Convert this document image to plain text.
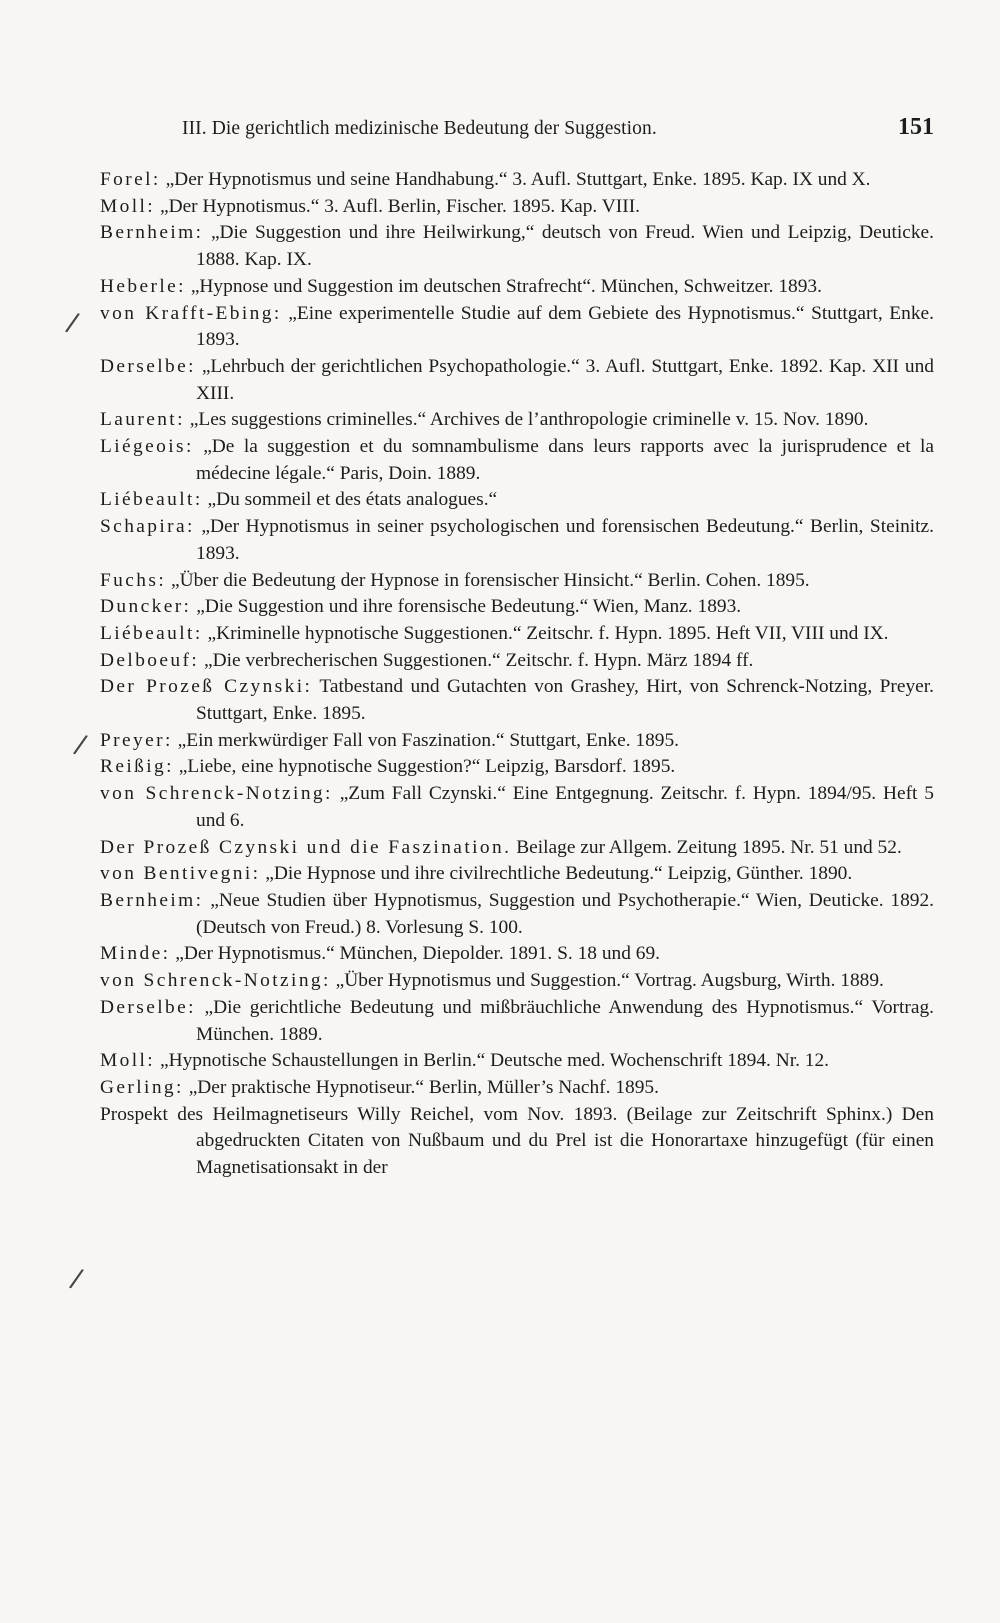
III. Die gerichtlich medizinische Bedeutung der Suggestion.	151
/
/
/
Forel: „Der Hypnotismus und seine Handhabung.“ 3. Aufl. Stuttgart, Enke. 1895. Kap. IX und X.
Moll: „Der Hypnotismus.“ 3. Aufl. Berlin, Fischer. 1895. Kap. VIII.
Bernheim: „Die Suggestion und ihre Heilwirkung,“ deutsch von Freud. Wien und Leipzig, Deuticke. 1888. Kap. IX.
Heberle: „Hypnose und Suggestion im deutschen Strafrecht“. München, Schweitzer. 1893.
von Krafft-Ebing: „Eine experimentelle Studie auf dem Gebiete des Hypnotismus.“ Stuttgart, Enke. 1893.
Derselbe: „Lehrbuch der gerichtlichen Psychopathologie.“ 3. Aufl. Stuttgart, Enke. 1892. Kap. XII und XIII.
Laurent: „Les suggestions criminelles.“ Archives de l’anthropologie criminelle v. 15. Nov. 1890.
Liégeois: „De la suggestion et du somnambulisme dans leurs rapports avec la jurisprudence et la médecine légale.“ Paris, Doin. 1889.
Liébeault: „Du sommeil et des états analogues.“
Schapira: „Der Hypnotismus in seiner psychologischen und forensischen Bedeutung.“ Berlin, Steinitz. 1893.
Fuchs: „Über die Bedeutung der Hypnose in forensischer Hinsicht.“ Berlin. Cohen. 1895.
Duncker: „Die Suggestion und ihre forensische Bedeutung.“ Wien, Manz. 1893.
Liébeault: „Kriminelle hypnotische Suggestionen.“ Zeitschr. f. Hypn. 1895. Heft VII, VIII und IX.
Delboeuf: „Die verbrecherischen Suggestionen.“ Zeitschr. f. Hypn. März 1894 ff.
Der Prozeß Czynski: Tatbestand und Gutachten von Grashey, Hirt, von Schrenck-Notzing, Preyer. Stuttgart, Enke. 1895.
Preyer: „Ein merkwürdiger Fall von Faszination.“ Stuttgart, Enke. 1895.
Reißig: „Liebe, eine hypnotische Suggestion?“ Leipzig, Barsdorf. 1895.
von Schrenck-Notzing: „Zum Fall Czynski.“ Eine Entgegnung. Zeitschr. f. Hypn. 1894/95. Heft 5 und 6.
Der Prozeß Czynski und die Faszination. Beilage zur Allgem. Zeitung 1895. Nr. 51 und 52.
von Bentivegni: „Die Hypnose und ihre civilrechtliche Bedeutung.“ Leipzig, Günther. 1890.
Bernheim: „Neue Studien über Hypnotismus, Suggestion und Psychotherapie.“ Wien, Deuticke. 1892. (Deutsch von Freud.) 8. Vorlesung S. 100.
Minde: „Der Hypnotismus.“ München, Diepolder. 1891. S. 18 und 69.
von Schrenck-Notzing: „Über Hypnotismus und Suggestion.“ Vortrag. Augsburg, Wirth. 1889.
Derselbe: „Die gerichtliche Bedeutung und mißbräuchliche Anwendung des Hypnotismus.“ Vortrag. München. 1889.
Moll: „Hypnotische Schaustellungen in Berlin.“ Deutsche med. Wochenschrift 1894. Nr. 12.
Gerling: „Der praktische Hypnotiseur.“ Berlin, Müller’s Nachf. 1895.
Prospekt des Heilmagnetiseurs Willy Reichel, vom Nov. 1893. (Beilage zur Zeitschrift Sphinx.) Den abgedruckten Citaten von Nußbaum und du Prel ist die Honorartaxe hinzugefügt (für einen Magnetisationsakt in der
